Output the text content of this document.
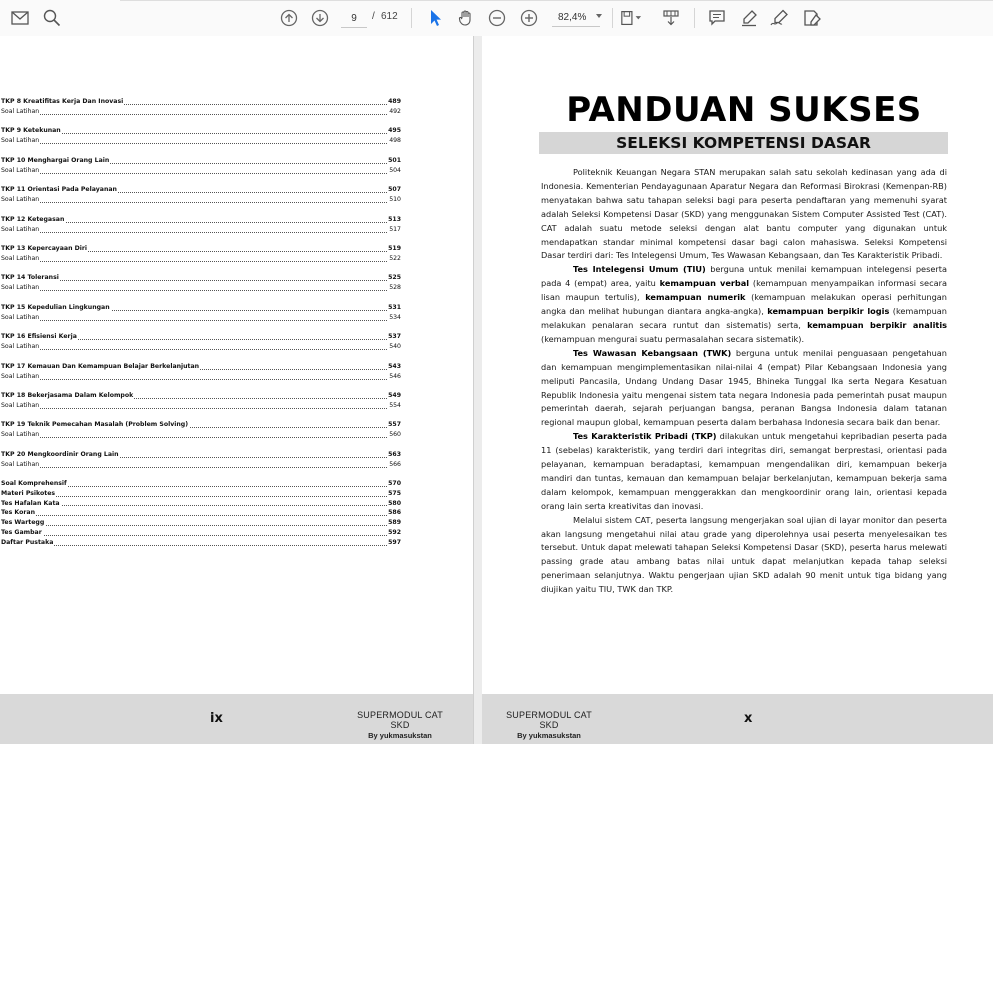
9
/ 612
82,4%
TKP 8 Kreatifitas Kerja Dan Inovasi	489
Soal Latihan	492
TKP 9 Ketekunan	495
Soal Latihan	498
TKP 10 Menghargai Orang Lain	501
Soal Latihan	504
TKP 11 Orientasi Pada Pelayanan	507
Soal Latihan	510
TKP 12 Ketegasan	513
Soal Latihan	517
TKP 13 Kepercayaan Diri	519
Soal Latihan	522
TKP 14 Toleransi	525
Soal Latihan	528
TKP 15 Kepedulian Lingkungan	531
Soal Latihan	534
TKP 16 Efisiensi Kerja	537
Soal Latihan	540
TKP 17 Kemauan Dan Kemampuan Belajar Berkelanjutan	543
Soal Latihan	546
TKP 18 Bekerjasama Dalam Kelompok	549
Soal Latihan	554
TKP 19 Teknik Pemecahan Masalah (Problem Solving)	557
Soal Latihan	560
TKP 20 Mengkoordinir Orang Lain	563
Soal Latihan	566
Soal Komprehensif	570
Materi Psikotes	575
Tes Hafalan Kata	580
Tes Koran	586
Tes Wartegg	589
Tes Gambar	592
Daftar Pustaka	597
PANDUAN SUKSES
SELEKSI KOMPETENSI DASAR

Politeknik Keuangan Negara STAN merupakan salah satu sekolah kedinasan yang ada di Indonesia. Kementerian Pendayagunaan Aparatur Negara dan Reformasi Birokrasi (Kemenpan-RB) menyatakan bahwa satu tahapan seleksi bagi para peserta pendaftaran yang memenuhi syarat adalah Seleksi Kompetensi Dasar (SKD) yang menggunakan Sistem Computer Assisted Test (CAT). CAT adalah suatu metode seleksi dengan alat bantu computer yang digunakan untuk mendapatkan standar minimal kompetensi dasar bagi calon mahasiswa. Seleksi Kompetensi Dasar terdiri dari: Tes Intelegensi Umum, Tes Wawasan Kebangsaan, dan Tes Karakteristik Pribadi.

Tes Intelegensi Umum (TIU) berguna untuk menilai kemampuan intelegensi peserta pada 4 (empat) area, yaitu kemampuan verbal (kemampuan menyampaikan informasi secara lisan maupun tertulis), kemampuan numerik (kemampuan melakukan operasi perhitungan angka dan melihat hubungan diantara angka-angka), kemampuan berpikir logis (kemampuan melakukan penalaran secara runtut dan sistematis) serta, kemampuan berpikir analitis (kemampuan mengurai suatu permasalahan secara sistematik).

Tes Wawasan Kebangsaan (TWK) berguna untuk menilai penguasaan pengetahuan dan kemampuan mengimplementasikan nilai-nilai 4 (empat) Pilar Kebangsaan Indonesia yang meliputi Pancasila, Undang Undang Dasar 1945, Bhineka Tunggal Ika serta Negara Kesatuan Republik Indonesia yaitu mengenai sistem tata negara Indonesia pada pemerintah pusat maupun pemerintah daerah, sejarah perjuangan bangsa, peranan Bangsa Indonesia dalam tatanan regional maupun global, kemampuan peserta dalam berbahasa Indonesia secara baik dan benar.

Tes Karakteristik Pribadi (TKP) dilakukan untuk mengetahui kepribadian peserta pada 11 (sebelas) karakteristik, yang terdiri dari integritas diri, semangat berprestasi, orientasi pada pelayanan, kemampuan beradaptasi, kemampuan mengendalikan diri, kemampuan bekerja mandiri dan tuntas, kemauan dan kemampuan belajar berkelanjutan, kemampuan bekerja sama dalam kelompok, kemampuan menggerakkan dan mengkoordinir orang lain, orientasi kepada orang lain serta kreativitas dan inovasi.

Melalui sistem CAT, peserta langsung mengerjakan soal ujian di layar monitor dan peserta akan langsung mengetahui nilai atau grade yang diperolehnya usai peserta menyelesaikan tes tersebut. Untuk dapat melewati tahapan Seleksi Kompetensi Dasar (SKD), peserta harus melewati passing grade atau ambang batas nilai untuk dapat melanjutkan kepada tahap seleksi penerimaan selanjutnya. Waktu pengerjaan ujian SKD adalah 90 menit untuk tiga bidang yang diujikan yaitu TIU, TWK dan TKP.

ix	SUPERMODUL CAT SKD
By yukmasukstan
SUPERMODUL CAT SKD
By yukmasukstan
x
